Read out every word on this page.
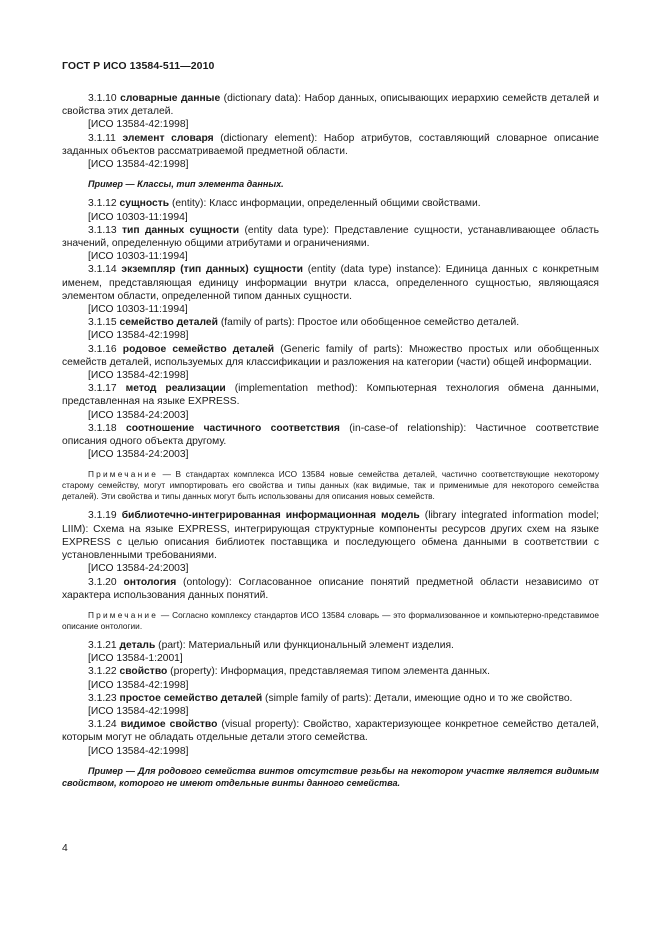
ГОСТ Р ИСО 13584-511—2010

3.1.10 словарные данные (dictionary data): Набор данных, описывающих иерархию семейств деталей и свойства этих деталей.

[ИСО 13584-42:1998]

3.1.11 элемент словаря (dictionary element): Набор атрибутов, составляющий словарное описание заданных объектов рассматриваемой предметной области.

[ИСО 13584-42:1998]

Пример — Классы, тип элемента данных.

3.1.12 сущность (entity): Класс информации, определенный общими свойствами.

[ИСО 10303-11:1994]

3.1.13 тип данных сущности (entity data type): Представление сущности, устанавливающее область значений, определенную общими атрибутами и ограничениями.

[ИСО 10303-11:1994]

3.1.14 экземпляр (тип данных) сущности (entity (data type) instance): Единица данных с конкретным именем, представляющая единицу информации внутри класса, определенного сущностью, являющаяся элементом области, определенной типом данных сущности.

[ИСО 10303-11:1994]

3.1.15 семейство деталей (family of parts): Простое или обобщенное семейство деталей.

[ИСО 13584-42:1998]

3.1.16 родовое семейство деталей (Generic family of parts): Множество простых или обобщенных семейств деталей, используемых для классификации и разложения на категории (части) общей информации.

[ИСО 13584-42:1998]

3.1.17 метод реализации (implementation method): Компьютерная технология обмена данными, представленная на языке EXPRESS.

[ИСО 13584-24:2003]

3.1.18 соотношение частичного соответствия (in-case-of relationship): Частичное соответствие описания одного объекта другому.

[ИСО 13584-24:2003]

Примечание — В стандартах комплекса ИСО 13584 новые семейства деталей, частично соответствующие некоторому старому семейству, могут импортировать его свойства и типы данных (как видимые, так и применимые для некоторого семейства деталей). Эти свойства и типы данных могут быть использованы для описания новых семейств.

3.1.19 библиотечно-интегрированная информационная модель (library integrated information model; LIIM): Схема на языке EXPRESS, интегрирующая структурные компоненты ресурсов других схем на языке EXPRESS с целью описания библиотек поставщика и последующего обмена данными в соответствии с установленными требованиями.

[ИСО 13584-24:2003]

3.1.20 онтология (ontology): Согласованное описание понятий предметной области независимо от характера использования данных понятий.

Примечание — Согласно комплексу стандартов ИСО 13584 словарь — это формализованное и компьютерно-представимое описание онтологии.

3.1.21 деталь (part): Материальный или функциональный элемент изделия.

[ИСО 13584-1:2001]

3.1.22 свойство (property): Информация, представляемая типом элемента данных.

[ИСО 13584-42:1998]

3.1.23 простое семейство деталей (simple family of parts): Детали, имеющие одно и то же свойство.

[ИСО 13584-42:1998]

3.1.24 видимое свойство (visual property): Свойство, характеризующее конкретное семейство деталей, которым могут не обладать отдельные детали этого семейства.

[ИСО 13584-42:1998]

Пример — Для родового семейства винтов отсутствие резьбы на некотором участке является видимым свойством, которого не имеют отдельные винты данного семейства.

4
